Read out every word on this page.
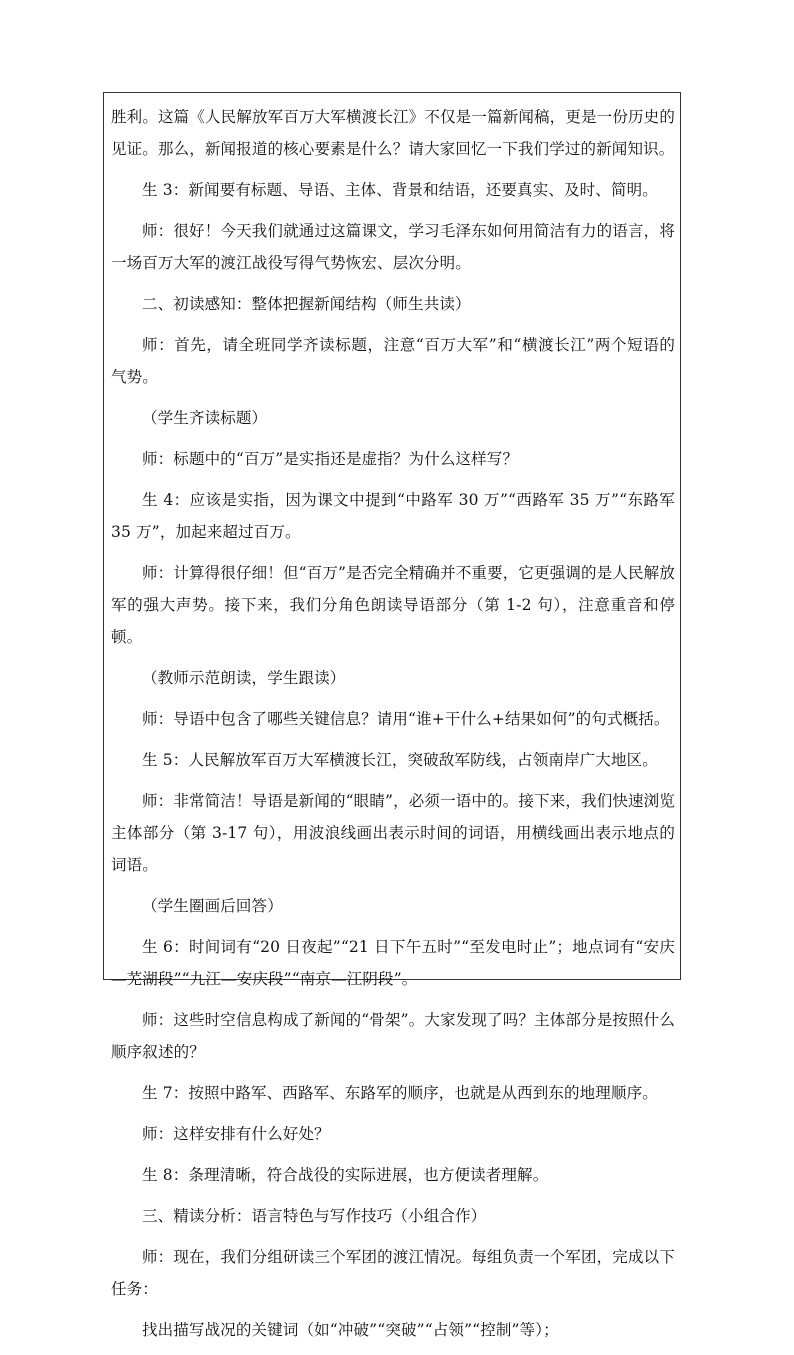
胜利。这篇《人民解放军百万大军横渡长江》不仅是一篇新闻稿，更是一份历史的见证。那么，新闻报道的核心要素是什么？请大家回忆一下我们学过的新闻知识。

生 3：新闻要有标题、导语、主体、背景和结语，还要真实、及时、简明。

师：很好！今天我们就通过这篇课文，学习毛泽东如何用简洁有力的语言，将一场百万大军的渡江战役写得气势恢宏、层次分明。

二、初读感知：整体把握新闻结构（师生共读）

师：首先，请全班同学齐读标题，注意“百万大军”和“横渡长江”两个短语的气势。

（学生齐读标题）

师：标题中的“百万”是实指还是虚指？为什么这样写？

生 4：应该是实指，因为课文中提到“中路军 30 万”“西路军 35 万”“东路军 35 万”，加起来超过百万。

师：计算得很仔细！但“百万”是否完全精确并不重要，它更强调的是人民解放军的强大声势。接下来，我们分角色朗读导语部分（第 1-2 句），注意重音和停顿。

（教师示范朗读，学生跟读）

师：导语中包含了哪些关键信息？请用“谁+干什么+结果如何”的句式概括。

生 5：人民解放军百万大军横渡长江，突破敌军防线，占领南岸广大地区。

师：非常简洁！导语是新闻的“眼睛”，必须一语中的。接下来，我们快速浏览主体部分（第 3-17 句），用波浪线画出表示时间的词语，用横线画出表示地点的词语。

（学生圈画后回答）

生 6：时间词有“20 日夜起”“21 日下午五时”“至发电时止”；地点词有“安庆—芜湖段”“九江—安庆段”“南京—江阴段”。

师：这些时空信息构成了新闻的“骨架”。大家发现了吗？主体部分是按照什么顺序叙述的？

生 7：按照中路军、西路军、东路军的顺序，也就是从西到东的地理顺序。

师：这样安排有什么好处？

生 8：条理清晰，符合战役的实际进展，也方便读者理解。

三、精读分析：语言特色与写作技巧（小组合作）

师：现在，我们分组研读三个军团的渡江情况。每组负责一个军团，完成以下任务：

找出描写战况的关键词（如“冲破”“突破”“占领”“控制”等）；
